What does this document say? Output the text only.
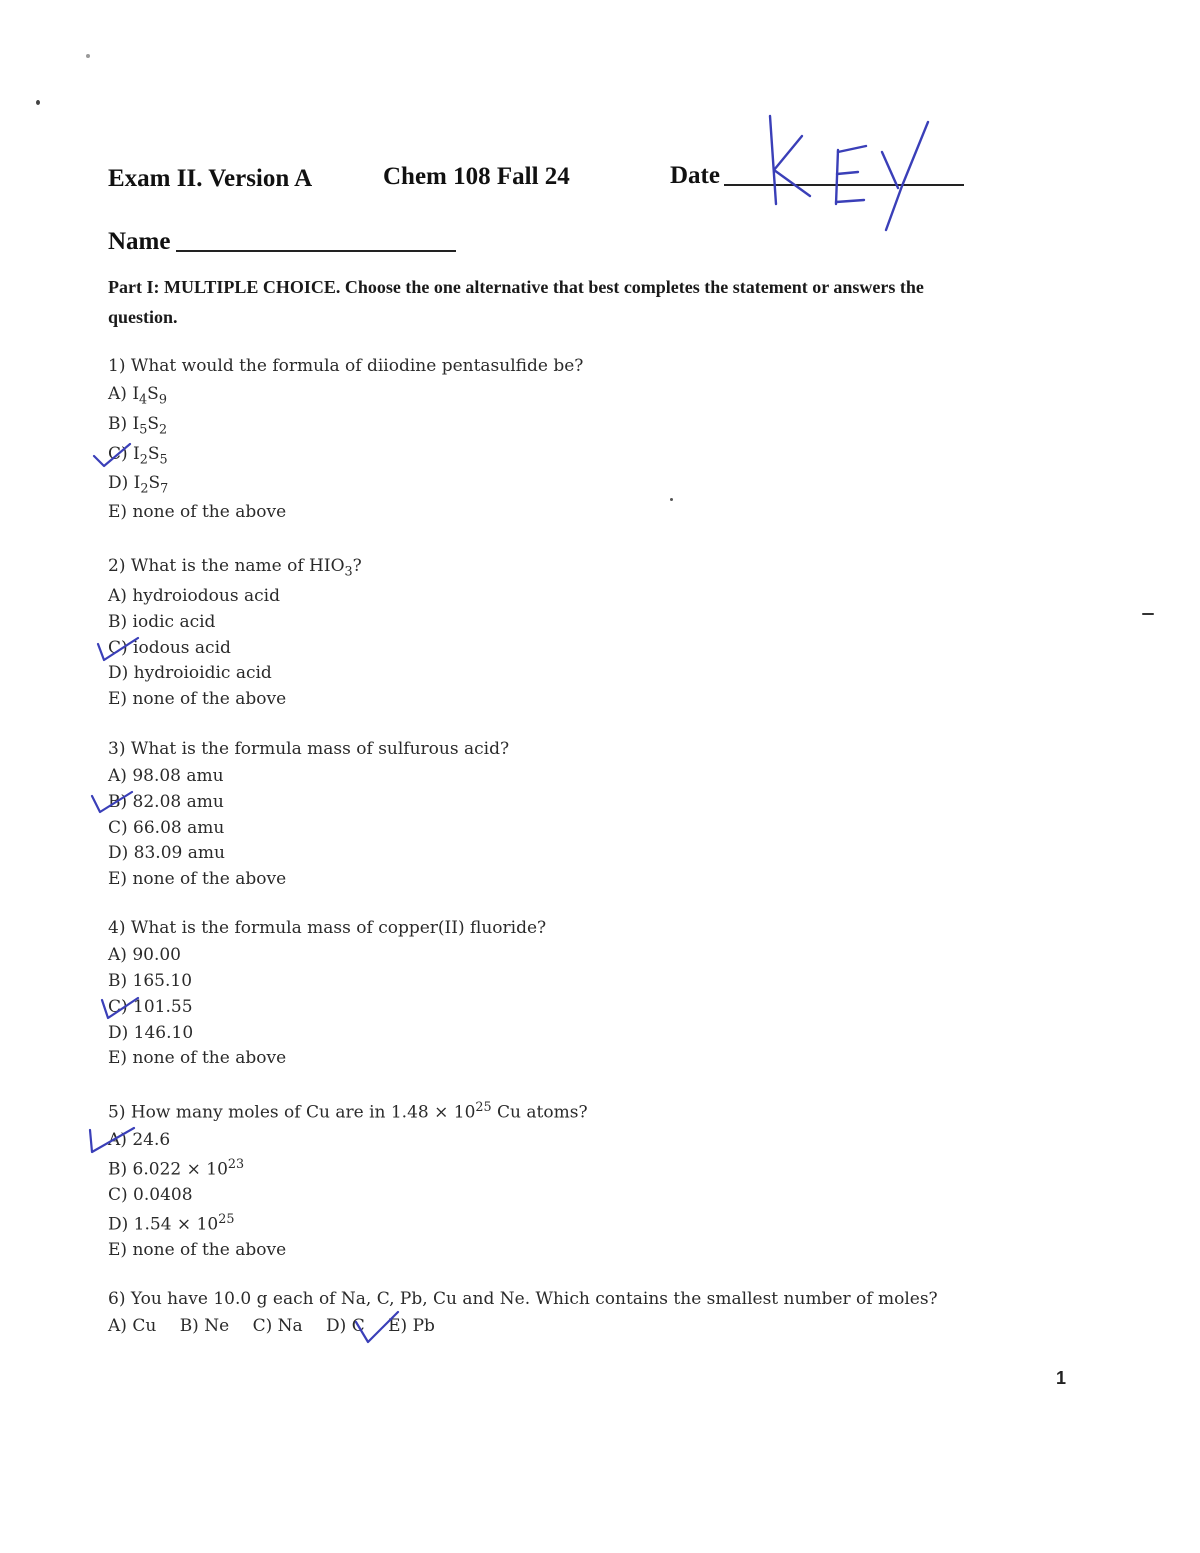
Exam II. Version A	Chem 108 Fall 24	Date
Name
Part I: MULTIPLE CHOICE. Choose the one alternative that best completes the statement or answers the
question.
1) What would the formula of diiodine pentasulfide be?
A) $I_4S_9$
B) $I_5S_2$
C) $I_2S_5$
D) $I_2S_7$
E) none of the above
2) What is the name of $HIO_3$?
A) hydroiodous acid
B) iodic acid
C) iodous acid
D) hydroioidic acid
E) none of the above
3) What is the formula mass of sulfurous acid?
A) 98.08 amu
B) 82.08 amu
C) 66.08 amu
D) 83.09 amu
E) none of the above
4) What is the formula mass of copper(II) fluoride?
A) 90.00
B) 165.10
C) 101.55
D) 146.10
E) none of the above
5) How many moles of Cu are in $1.48 \times 10^{25}$ Cu atoms?
A) 24.6
B) $6.022 \times 10^{23}$
C) 0.0408
D) $1.54 \times 10^{25}$
E) none of the above
6) You have 10.0 g each of Na, C, Pb, Cu and Ne. Which contains the smallest number of moles?
A) Cu B) Ne C) Na D) C E) Pb
1
